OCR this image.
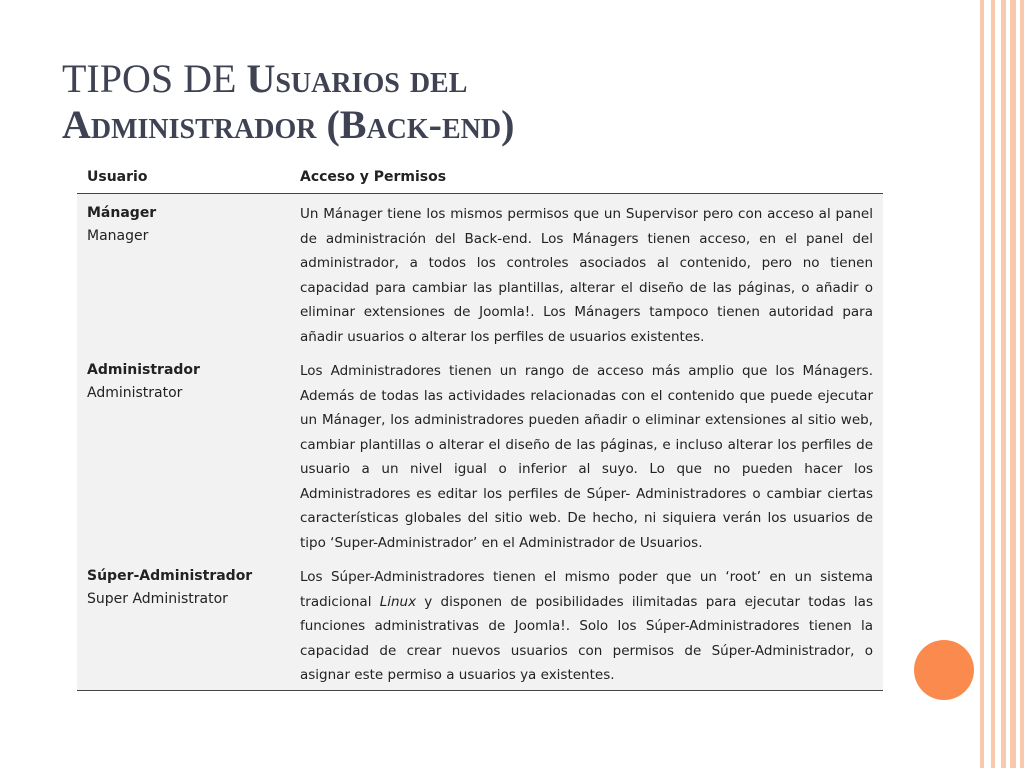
TIPOS DE Usuarios del
Administrador (Back-end)
Usuario	Acceso y Permisos
Mánager
Manager
Un Mánager tiene los mismos permisos que un Supervisor pero con acceso al panel de administración del Back-end. Los Mánagers tienen acceso, en el panel del administrador, a todos los controles asociados al contenido, pero no tienen capacidad para cambiar las plantillas, alterar el diseño de las páginas, o añadir o eliminar extensiones de Joomla!. Los Mánagers tampoco tienen autoridad para añadir usuarios o alterar los perfiles de usuarios existentes.
Administrador
Administrator
Los Administradores tienen un rango de acceso más amplio que los Mánagers. Además de todas las actividades relacionadas con el contenido que puede ejecutar un Mánager, los administradores pueden añadir o eliminar extensiones al sitio web, cambiar plantillas o alterar el diseño de las páginas, e incluso alterar los perfiles de usuario a un nivel igual o inferior al suyo. Lo que no pueden hacer los Administradores es editar los perfiles de Súper- Administradores o cambiar ciertas características globales del sitio web. De hecho, ni siquiera verán los usuarios de tipo ‘Super-Administrador’ en el Administrador de Usuarios.
Súper-Administrador
Super Administrator
Los Súper-Administradores tienen el mismo poder que un ‘root’ en un sistema tradicional Linux y disponen de posibilidades ilimitadas para ejecutar todas las funciones administrativas de Joomla!. Solo los Súper-Administradores tienen la capacidad de crear nuevos usuarios con permisos de Súper-Administrador, o asignar este permiso a usuarios ya existentes.
